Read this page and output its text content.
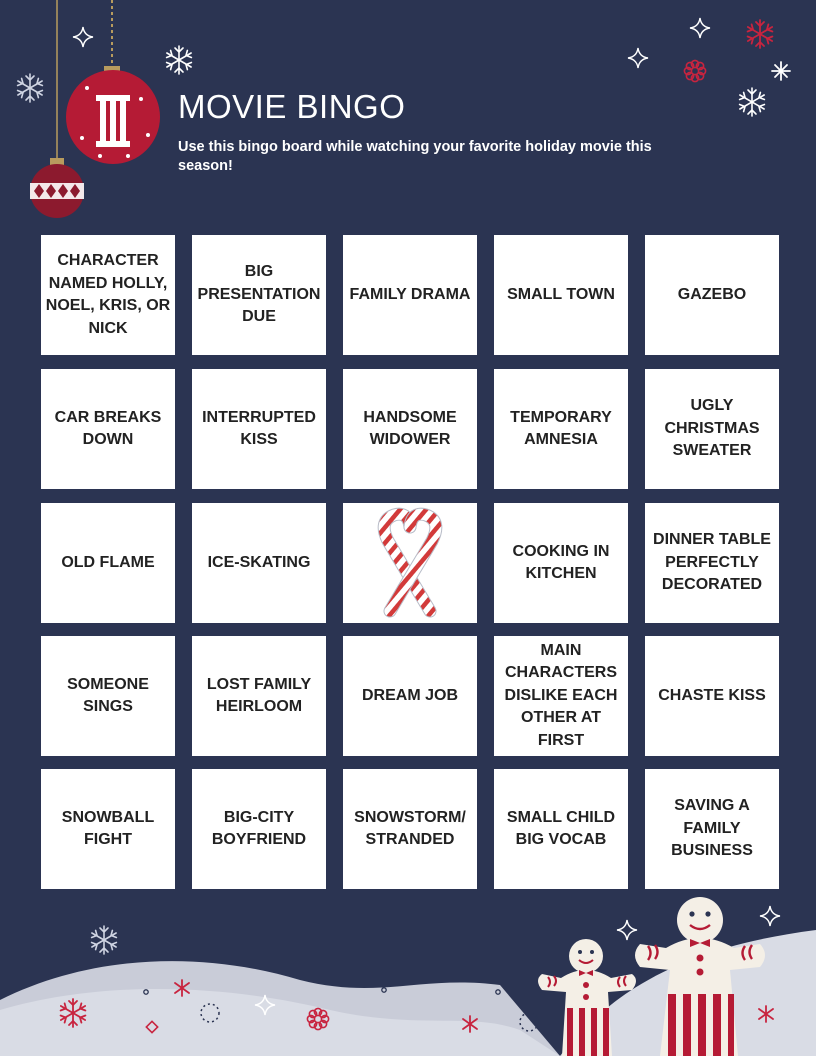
MOVIE BINGO

Use this bingo board while watching your favorite holiday movie this season!

CHARACTER NAMED HOLLY, NOEL, KRIS, OR NICK
BIG PRESENTATION DUE
FAMILY DRAMA SMALL TOWN	GAZEBO
CAR BREAKS DOWN
INTERRUPTED KISS
HANDSOME WIDOWER
TEMPORARY AMNESIA
UGLY CHRISTMAS SWEATER
OLD FLAME	ICE-SKATING
COOKING IN KITCHEN
DINNER TABLE PERFECTLY DECORATED
SOMEONE SINGS
LOST FAMILY HEIRLOOM
DREAM JOB
MAIN CHARACTERS DISLIKE EACH OTHER AT FIRST
CHASTE KISS
SNOWBALL FIGHT
BIG-CITY BOYFRIEND
SNOWSTORM/ STRANDED
SMALL CHILD BIG VOCAB
SAVING A FAMILY BUSINESS
